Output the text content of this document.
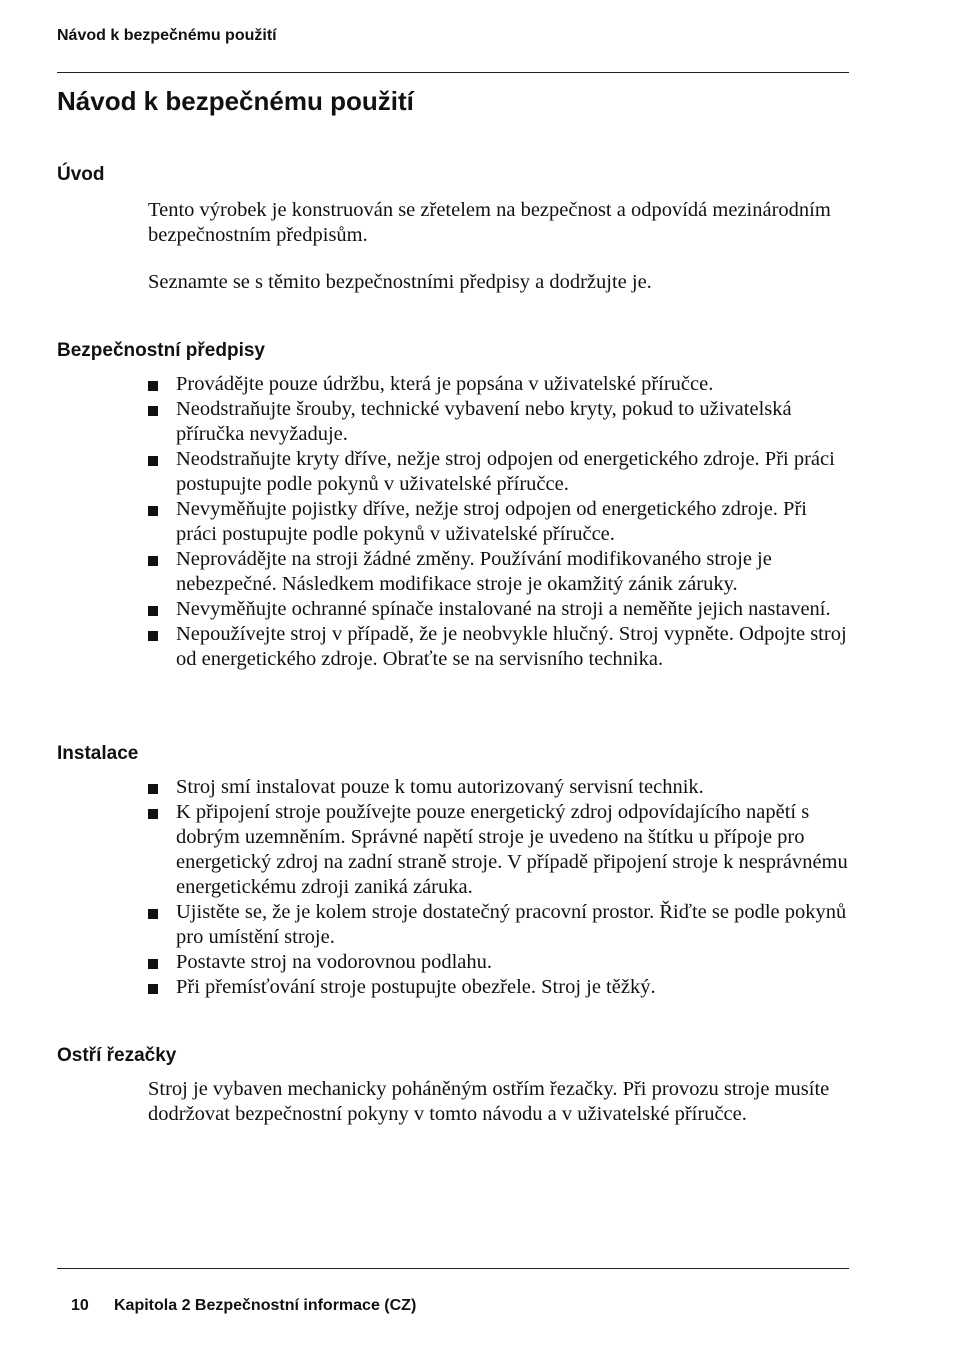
Návod k bezpečnému použití
Návod k bezpečnému použití
Úvod

Tento výrobek je konstruován se zřetelem na bezpečnost a odpovídá mezinárodním bezpečnostním předpisům.

Seznamte se s těmito bezpečnostními předpisy a dodržujte je.

Bezpečnostní předpisy
Provádějte pouze údržbu, která je popsána v uživatelské příručce.
Neodstraňujte šrouby, technické vybavení nebo kryty, pokud to uživatelská příručka nevyžaduje.
Neodstraňujte kryty dříve, nežje stroj odpojen od energetického zdroje. Při práci postupujte podle pokynů v uživatelské příručce.
Nevyměňujte pojistky dříve, nežje stroj odpojen od energetického zdroje. Při práci postupujte podle pokynů v uživatelské příručce.
Neprovádějte na stroji žádné změny. Používání modifikovaného stroje je nebezpečné. Následkem modifikace stroje je okamžitý zánik záruky.
Nevyměňujte ochranné spínače instalované na stroji a neměňte jejich nastavení.
Nepoužívejte stroj v případě, že je neobvykle hlučný. Stroj vypněte. Odpojte stroj od energetického zdroje. Obraťte se na servisního technika.
Instalace
Stroj smí instalovat pouze k tomu autorizovaný servisní technik.
K připojení stroje používejte pouze energetický zdroj odpovídajícího napětí s dobrým uzemněním. Správné napětí stroje je uvedeno na štítku u přípoje pro energetický zdroj na zadní straně stroje. V případě připojení stroje k nesprávnému energetickému zdroji zaniká záruka.
Ujistěte se, že je kolem stroje dostatečný pracovní prostor. Řiďte se podle pokynů pro umístění stroje.
Postavte stroj na vodorovnou podlahu.
Při přemísťování stroje postupujte obezřele. Stroj je těžký.
Ostří řezačky

Stroj je vybaven mechanicky poháněným ostřím řezačky. Při provozu stroje musíte dodržovat bezpečnostní pokyny v tomto návodu a v uživatelské příručce.

10 Kapitola 2 Bezpečnostní informace (CZ)
